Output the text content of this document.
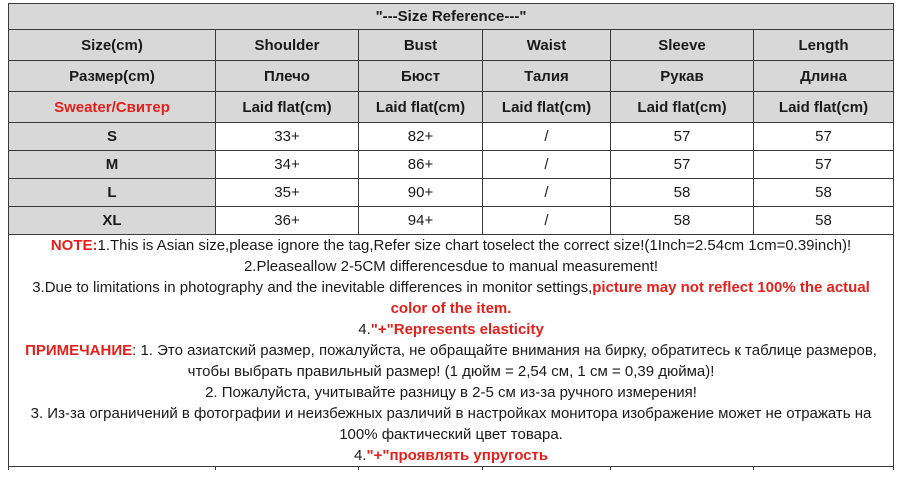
"---Size Reference---"					
Size(cm)	Shoulder	Bust	Waist	Sleeve	Length
Размер(cm)	Плечо	Бюст	Талия	Рукав	Длина
Sweater/Свитер	Laid flat(cm)	Laid flat(cm)	Laid flat(cm)	Laid flat(cm)	Laid flat(cm)
S	33+	82+	/	57	57
M	34+	86+	/	57	57
L	35+	90+	/	58	58
XL	36+	94+	/	58	58

NOTE:1.This is Asian size,please ignore the tag,Refer size chart toselect the correct size!(1Inch=2.54cm 1cm=0.39inch)!
2.Pleaseallow 2-5CM differencesdue to manual measurement!
3.Due to limitations in photography and the inevitable differences in monitor settings,picture may not reflect 100% the actual
color of the item.
4."+"Represents elasticity
ПРИМЕЧАНИЕ: 1. Это азиатский размер, пожалуйста, не обращайте внимания на бирку, обратитесь к таблице размеров,
чтобы выбрать правильный размер! (1 дюйм = 2,54 см, 1 см = 0,39 дюйма)!
2. Пожалуйста, учитывайте разницу в 2-5 см из-за ручного измерения!
3. Из-за ограничений в фотографии и неизбежных различий в настройках монитора изображение может не отражать на
100% фактический цвет товара.
4."+"проявлять упругость
